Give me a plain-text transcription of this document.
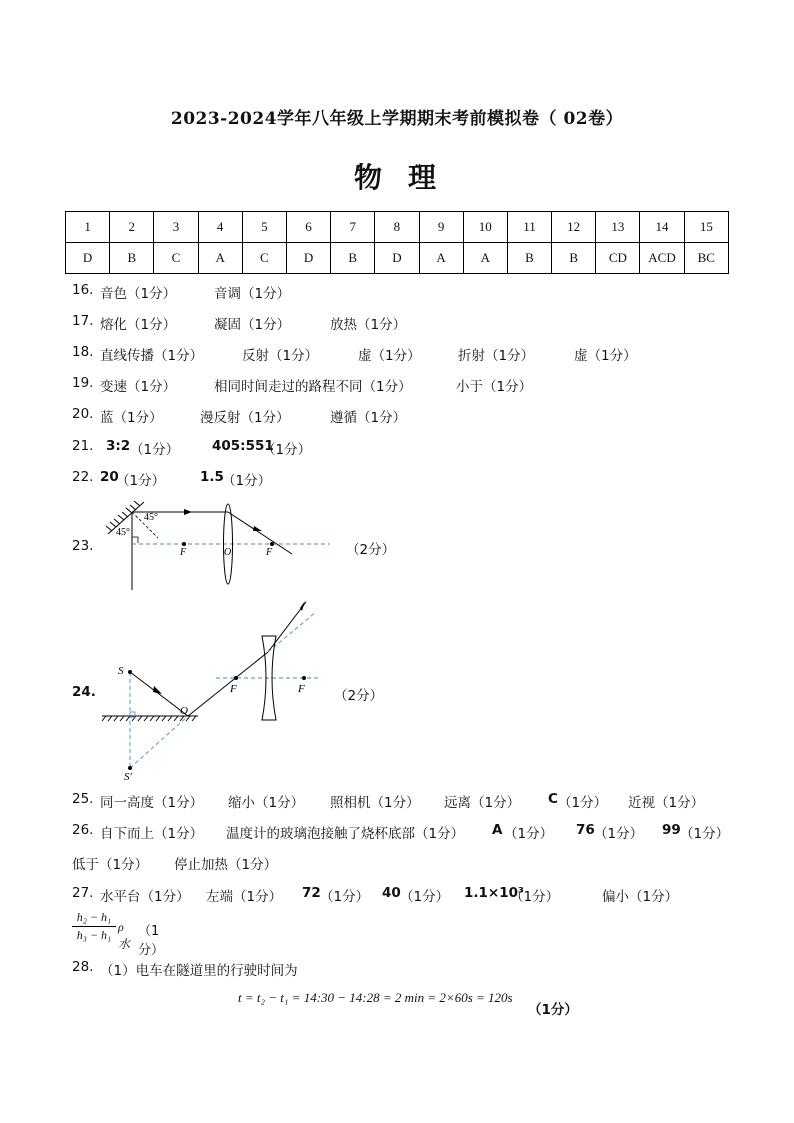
2023-2024学年八年级上学期期末考前模拟卷（ 02卷）
物理
1	2	3	4	5	6	7	8	9	10	11	12	13	14	15
D	B	C	A	C	D	B	D	A	A	B	B	CD	ACD	BC
16. 音色（1分）	音调（1分）
17. 熔化（1分）	凝固（1分）	放热（1分）
18. 直线传播（1分）	反射（1分）	虚（1分）	折射（1分）	虚（1分）
19. 变速（1分）	相同时间走过的路程不同（1分）	小于（1分）
20. 蓝（1分）	漫反射（1分）	遵循（1分）
21. 3:2 （1分） 405:551
（1分）
22. 20
（1分）	1.5
（1分）
23.	（2分）
45°
45°
F	O	F
24.	（2分）
S
O
F	F
S′
25. 同一高度（1分） 缩小（1分） 照相机（1分） 远离（1分） C （1分） 近视（1分）
26. 自下而上（1分） 温度计的玻璃泡接触了烧杯底部（1分） A （1分） 76 （1分） 99 （1分）
低于（1分） 停止加热（1分）
27. 水平台（1分） 左端（1分） 72 （1分） 40 （1分） 1.1×10³
（1分）	偏小（1分）
h₂ − h₁
h₃ − h₁
ρ水
（1分）
28. （1）电车在隧道里的行驶时间为
t = t₂ − t₁ = 14:30 − 14:28 = 2 min = 2×60s = 120s
（1分）
